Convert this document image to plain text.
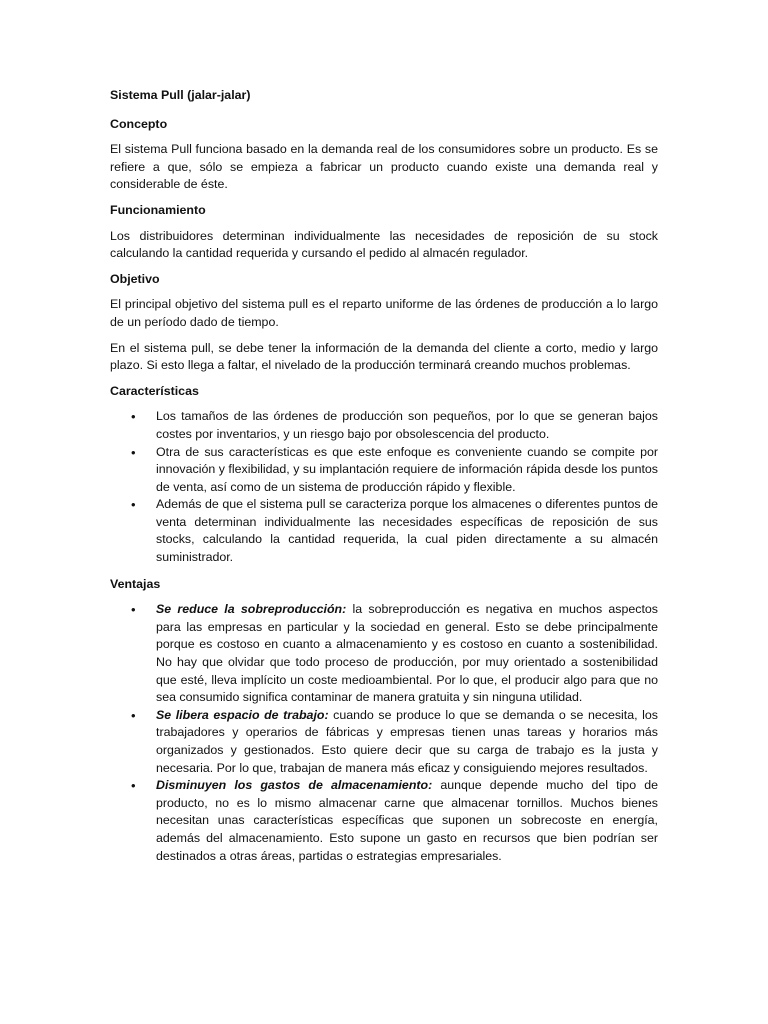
Sistema Pull (jalar-jalar)
Concepto

El sistema Pull funciona basado en la demanda real de los consumidores sobre un producto. Es se refiere a que, sólo se empieza a fabricar un producto cuando existe una demanda real y considerable de éste.

Funcionamiento

Los distribuidores determinan individualmente las necesidades de reposición de su stock calculando la cantidad requerida y cursando el pedido al almacén regulador.

Objetivo

El principal objetivo del sistema pull es el reparto uniforme de las órdenes de producción a lo largo de un período dado de tiempo.

En el sistema pull, se debe tener la información de la demanda del cliente a corto, medio y largo plazo. Si esto llega a faltar, el nivelado de la producción terminará creando muchos problemas.

Características
• Los tamaños de las órdenes de producción son pequeños, por lo que se generan bajos costes por inventarios, y un riesgo bajo por obsolescencia del producto.
• Otra de sus características es que este enfoque es conveniente cuando se compite por innovación y flexibilidad, y su implantación requiere de información rápida desde los puntos de venta, así como de un sistema de producción rápido y flexible.
• Además de que el sistema pull se caracteriza porque los almacenes o diferentes puntos de venta determinan individualmente las necesidades específicas de reposición de sus stocks, calculando la cantidad requerida, la cual piden directamente a su almacén suministrador.
Ventajas
• Se reduce la sobreproducción: la sobreproducción es negativa en muchos aspectos para las empresas en particular y la sociedad en general. Esto se debe principalmente porque es costoso en cuanto a almacenamiento y es costoso en cuanto a sostenibilidad. No hay que olvidar que todo proceso de producción, por muy orientado a sostenibilidad que esté, lleva implícito un coste medioambiental. Por lo que, el producir algo para que no sea consumido significa contaminar de manera gratuita y sin ninguna utilidad.
• Se libera espacio de trabajo: cuando se produce lo que se demanda o se necesita, los trabajadores y operarios de fábricas y empresas tienen unas tareas y horarios más organizados y gestionados. Esto quiere decir que su carga de trabajo es la justa y necesaria. Por lo que, trabajan de manera más eficaz y consiguiendo mejores resultados.
• Disminuyen los gastos de almacenamiento: aunque depende mucho del tipo de producto, no es lo mismo almacenar carne que almacenar tornillos. Muchos bienes necesitan unas características específicas que suponen un sobrecoste en energía, además del almacenamiento. Esto supone un gasto en recursos que bien podrían ser destinados a otras áreas, partidas o estrategias empresariales.
